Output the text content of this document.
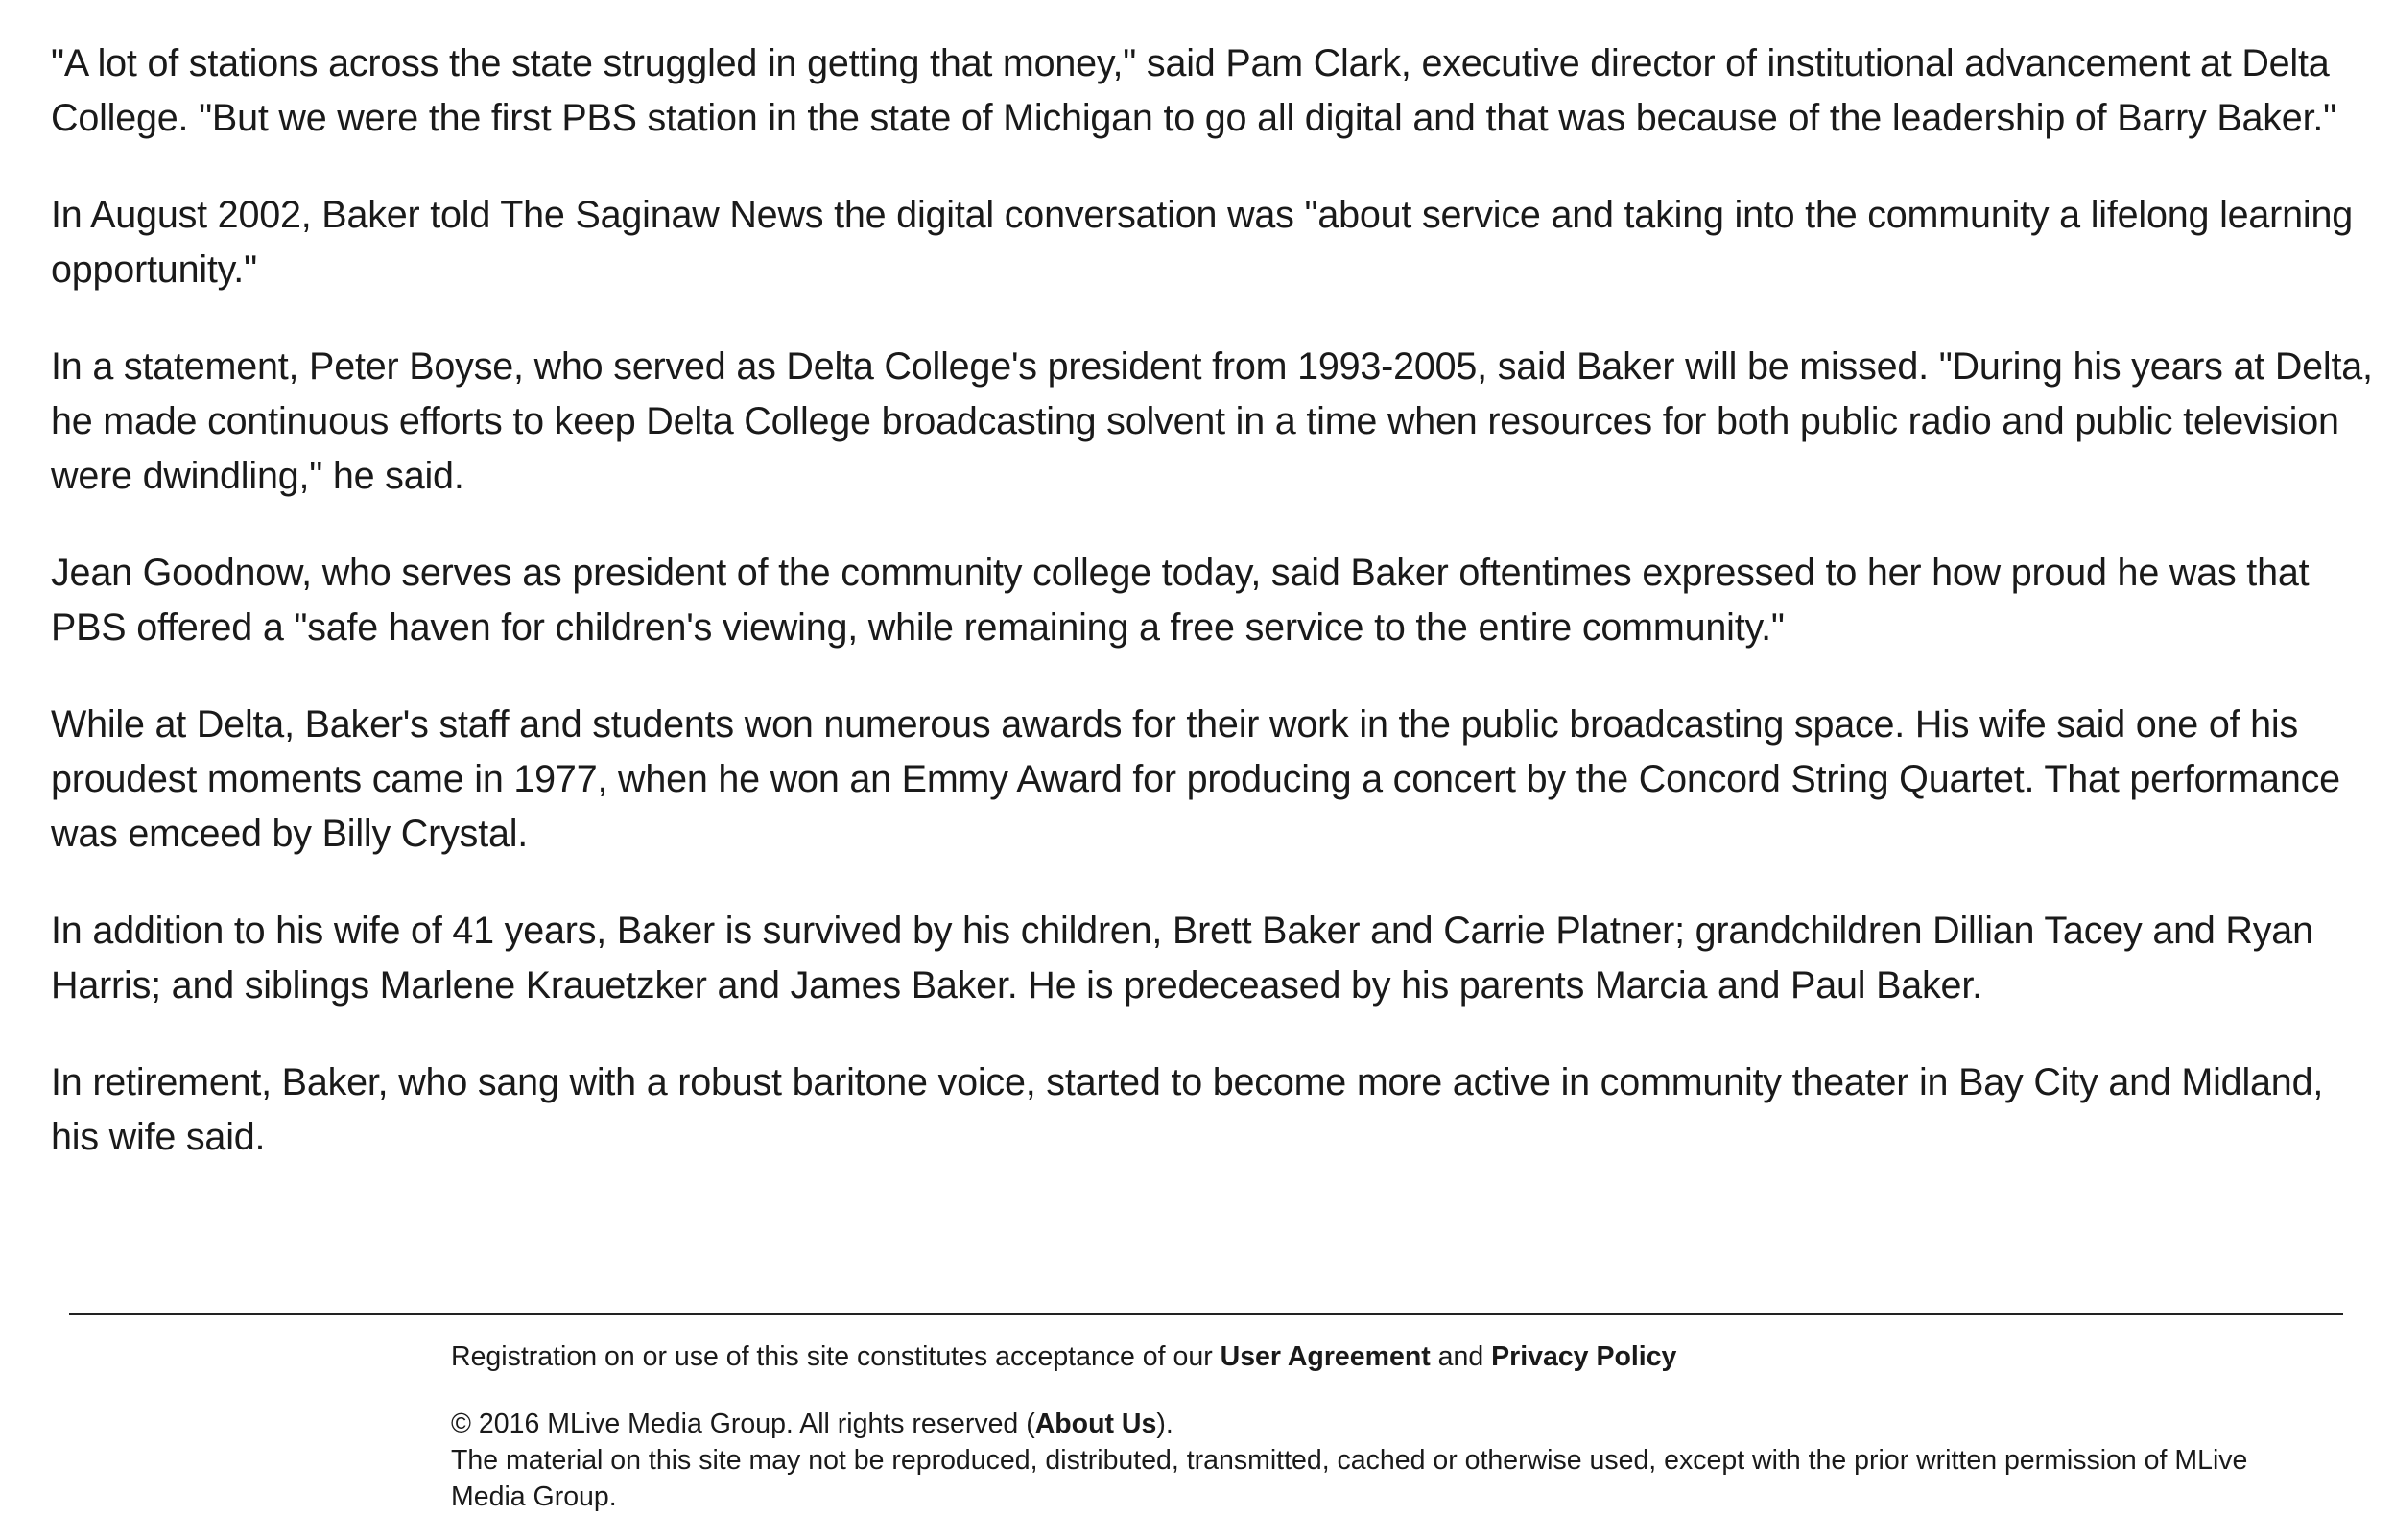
"A lot of stations across the state struggled in getting that money," said Pam Clark, executive director of institutional advancement at Delta College. "But we were the first PBS station in the state of Michigan to go all digital and that was because of the leadership of Barry Baker."

In August 2002, Baker told The Saginaw News the digital conversation was "about service and taking into the community a lifelong learning opportunity."

In a statement, Peter Boyse, who served as Delta College's president from 1993-2005, said Baker will be missed. "During his years at Delta, he made continuous efforts to keep Delta College broadcasting solvent in a time when resources for both public radio and public television were dwindling," he said.

Jean Goodnow, who serves as president of the community college today, said Baker oftentimes expressed to her how proud he was that PBS offered a "safe haven for children's viewing, while remaining a free service to the entire community."

While at Delta, Baker's staff and students won numerous awards for their work in the public broadcasting space. His wife said one of his proudest moments came in 1977, when he won an Emmy Award for producing a concert by the Concord String Quartet. That performance was emceed by Billy Crystal.

In addition to his wife of 41 years, Baker is survived by his children, Brett Baker and Carrie Platner; grandchildren Dillian Tacey and Ryan Harris; and siblings Marlene Krauetzker and James Baker. He is predeceased by his parents Marcia and Paul Baker.

In retirement, Baker, who sang with a robust baritone voice, started to become more active in community theater in Bay City and Midland, his wife said.

Registration on or use of this site constitutes acceptance of our User Agreement and Privacy Policy

© 2016 MLive Media Group. All rights reserved (About Us).

The material on this site may not be reproduced, distributed, transmitted, cached or otherwise used, except with the prior written permission of MLive Media Group.
